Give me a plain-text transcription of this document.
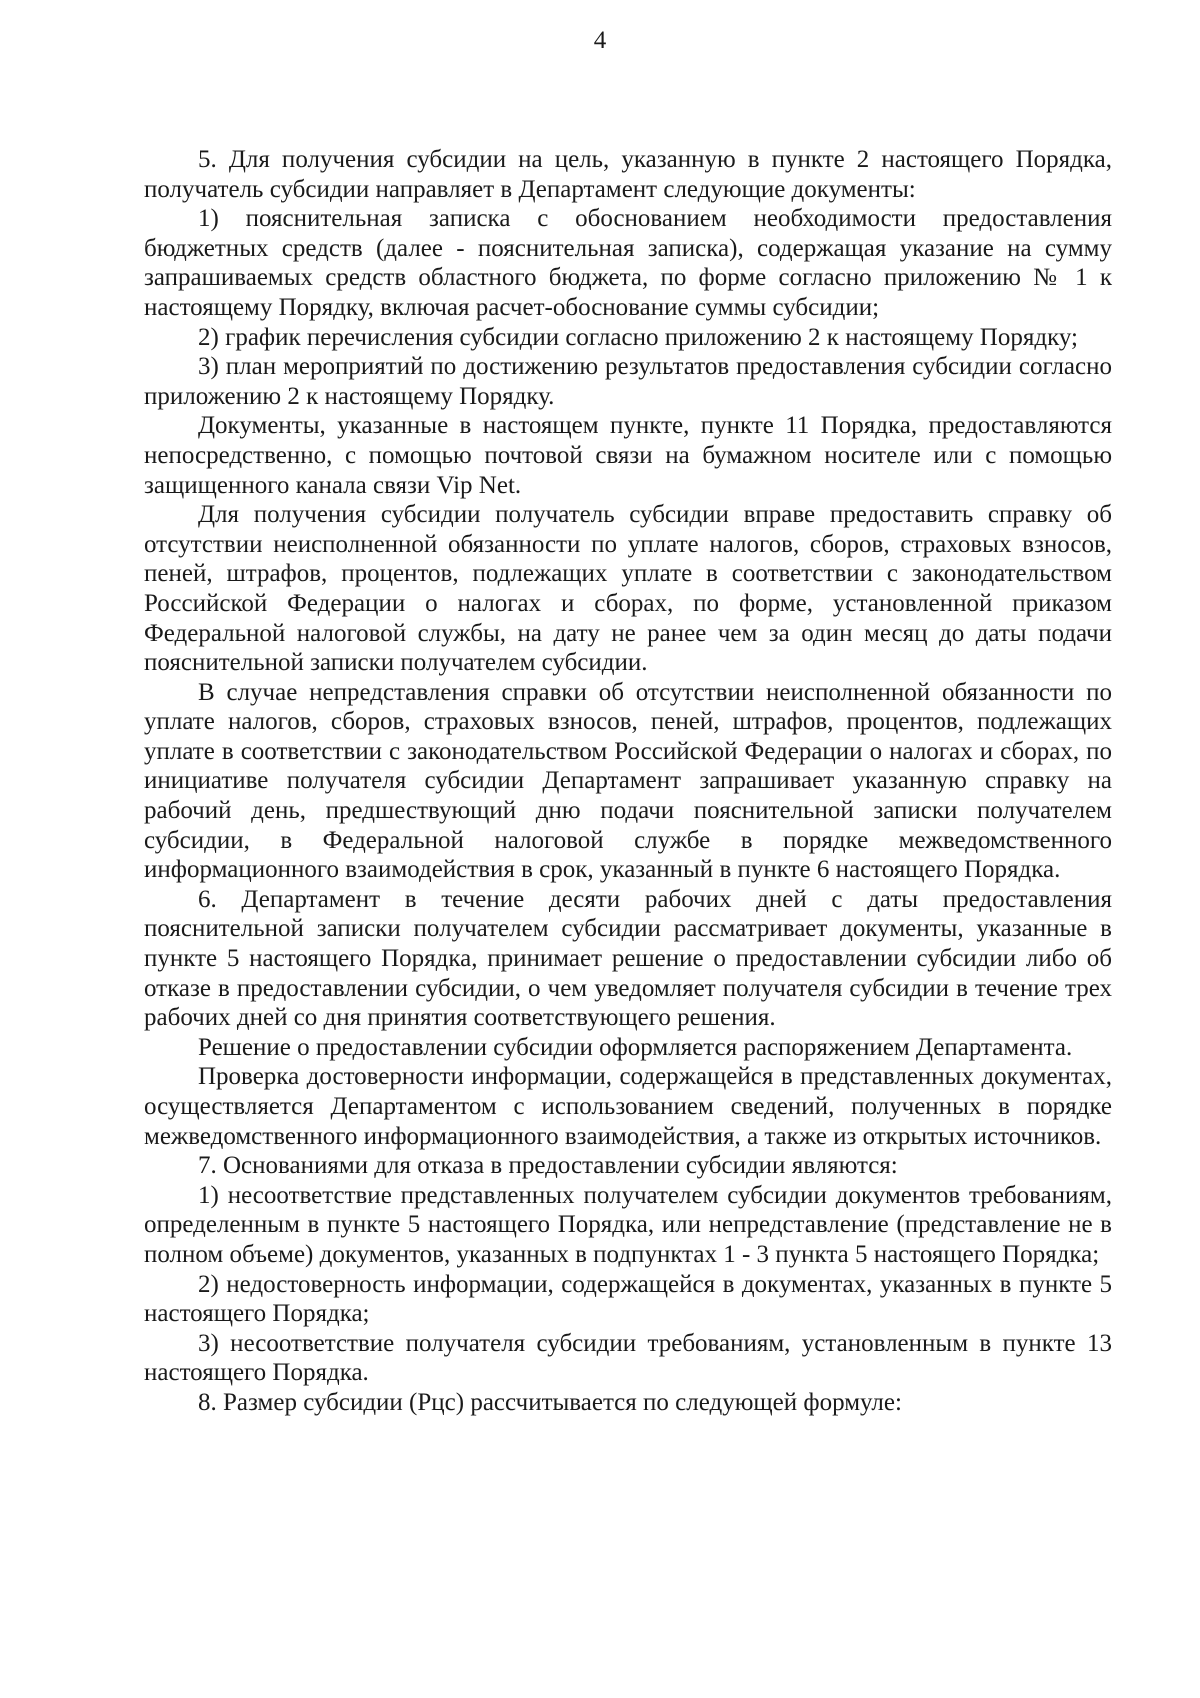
4

5. Для получения субсидии на цель, указанную в пункте 2 настоящего Порядка, получатель субсидии направляет в Департамент следующие документы:

1) пояснительная записка с обоснованием необходимости предоставления бюджетных средств (далее - пояснительная записка), содержащая указание на сумму запрашиваемых средств областного бюджета, по форме согласно приложению № 1 к настоящему Порядку, включая расчет-обоснование суммы субсидии;

2) график перечисления субсидии согласно приложению 2 к настоящему Порядку;

3) план мероприятий по достижению результатов предоставления субсидии согласно приложению 2 к настоящему Порядку.

Документы, указанные в настоящем пункте, пункте 11 Порядка, предоставляются непосредственно, с помощью почтовой связи на бумажном носителе или с помощью защищенного канала связи Vip Net.

Для получения субсидии получатель субсидии вправе предоставить справку об отсутствии неисполненной обязанности по уплате налогов, сборов, страховых взносов, пеней, штрафов, процентов, подлежащих уплате в соответствии с законодательством Российской Федерации о налогах и сборах, по форме, установленной приказом Федеральной налоговой службы, на дату не ранее чем за один месяц до даты подачи пояснительной записки получателем субсидии.

В случае непредставления справки об отсутствии неисполненной обязанности по уплате налогов, сборов, страховых взносов, пеней, штрафов, процентов, подлежащих уплате в соответствии с законодательством Российской Федерации о налогах и сборах, по инициативе получателя субсидии Департамент запрашивает указанную справку на рабочий день, предшествующий дню подачи пояснительной записки получателем субсидии, в Федеральной налоговой службе в порядке межведомственного информационного взаимодействия в срок, указанный в пункте 6 настоящего Порядка.

6. Департамент в течение десяти рабочих дней с даты предоставления пояснительной записки получателем субсидии рассматривает документы, указанные в пункте 5 настоящего Порядка, принимает решение о предоставлении субсидии либо об отказе в предоставлении субсидии, о чем уведомляет получателя субсидии в течение трех рабочих дней со дня принятия соответствующего решения.

Решение о предоставлении субсидии оформляется распоряжением Департамента.

Проверка достоверности информации, содержащейся в представленных документах, осуществляется Департаментом с использованием сведений, полученных в порядке межведомственного информационного взаимодействия, а также из открытых источников.

7. Основаниями для отказа в предоставлении субсидии являются:

1) несоответствие представленных получателем субсидии документов требованиям, определенным в пункте 5 настоящего Порядка, или непредставление (представление не в полном объеме) документов, указанных в подпунктах 1 - 3 пункта 5 настоящего Порядка;

2) недостоверность информации, содержащейся в документах, указанных в пункте 5 настоящего Порядка;

3) несоответствие получателя субсидии требованиям, установленным в пункте 13 настоящего Порядка.

8. Размер субсидии (Рцс) рассчитывается по следующей формуле:
